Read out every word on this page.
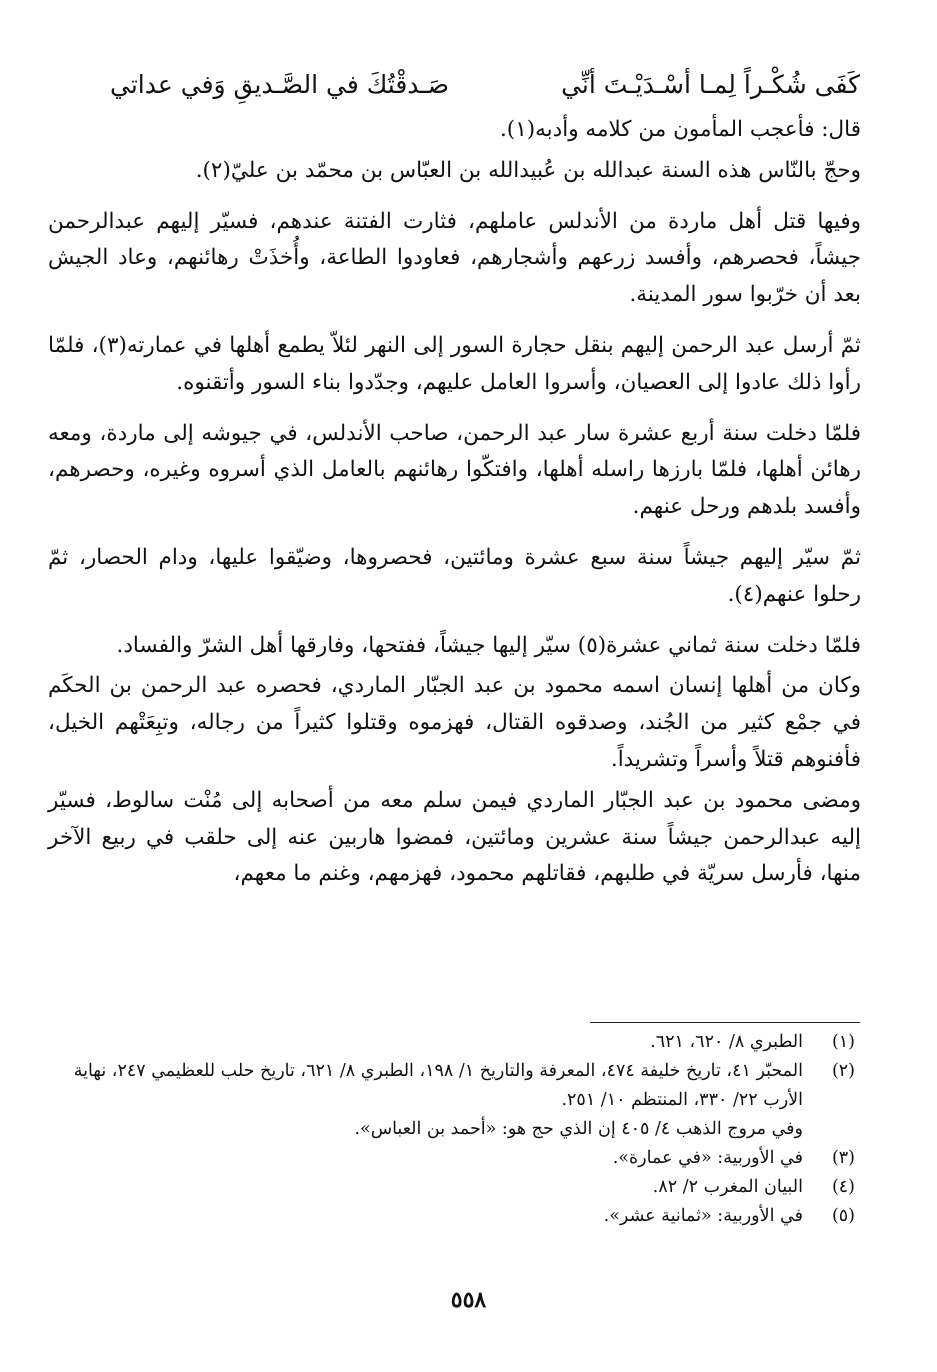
كَفَى شُكْـراً لِمـا أسْـدَيْـتَ أنِّي
صَـدقْتُكَ في الصَّـديقِ وَفي عداتي

قال: فأعجب المأمون من كلامه وأدبه(١).

وحجّ بالنّاس هذه السنة عبدالله بن عُبيدالله بن العبّاس بن محمّد بن عليّ(٢).

وفيها قتل أهل ماردة من الأندلس عاملهم، فثارت الفتنة عندهم، فسيّر إليهم عبدالرحمن جيشاً، فحصرهم، وأفسد زرعهم وأشجارهم، فعاودوا الطاعة، وأُخذَتْ رهائنهم، وعاد الجيش بعد أن خرّبوا سور المدينة.

ثمّ أرسل عبد الرحمن إليهم بنقل حجارة السور إلى النهر لئلاّ يطمع أهلها في عمارته(٣)، فلمّا رأوا ذلك عادوا إلى العصيان، وأسروا العامل عليهم، وجدّدوا بناء السور وأتقنوه.

فلمّا دخلت سنة أربع عشرة سار عبد الرحمن، صاحب الأندلس، في جيوشه إلى ماردة، ومعه رهائن أهلها، فلمّا بارزها راسله أهلها، وافتكّوا رهائنهم بالعامل الذي أسروه وغيره، وحصرهم، وأفسد بلدهم ورحل عنهم.

ثمّ سيّر إليهم جيشاً سنة سبع عشرة ومائتين، فحصروها، وضيّقوا عليها، ودام الحصار، ثمّ رحلوا عنهم(٤).

فلمّا دخلت سنة ثماني عشرة(٥) سيّر إليها جيشاً، ففتحها، وفارقها أهل الشرّ والفساد.

وكان من أهلها إنسان اسمه محمود بن عبد الجبّار الماردي، فحصره عبد الرحمن بن الحكَم في جمْع كثير من الجُند، وصدقوه القتال، فهزموه وقتلوا كثيراً من رجاله، وتبِعَتْهم الخيل، فأفنوهم قتلاً وأسراً وتشريداً.

ومضى محمود بن عبد الجبّار الماردي فيمن سلم معه من أصحابه إلى مُنْت سالوط، فسيّر إليه عبدالرحمن جيشاً سنة عشرين ومائتين، فمضوا هاربين عنه إلى حلقب في ربيع الآخر منها، فأرسل سريّة في طلبهم، فقاتلهم محمود، فهزمهم، وغنم ما معهم،

(١)
الطبري ٨/ ٦٢٠، ٦٢١.
(٢)
المحبّر ٤١، تاريخ خليفة ٤٧٤، المعرفة والتاريخ ١/ ١٩٨، الطبري ٨/ ٦٢١، تاريخ حلب للعظيمي ٢٤٧، نهاية الأرب ٢٢/ ٣٣٠، المنتظم ١٠/ ٢٥١.
وفي مروج الذهب ٤/ ٤٠٥ إن الذي حج هو: «أحمد بن العباس».
(٣)
في الأوربية: «في عمارة».
(٤)
البيان المغرب ٢/ ٨٢.
(٥)
في الأوربية: «ثمانية عشر».
٥٥٨
